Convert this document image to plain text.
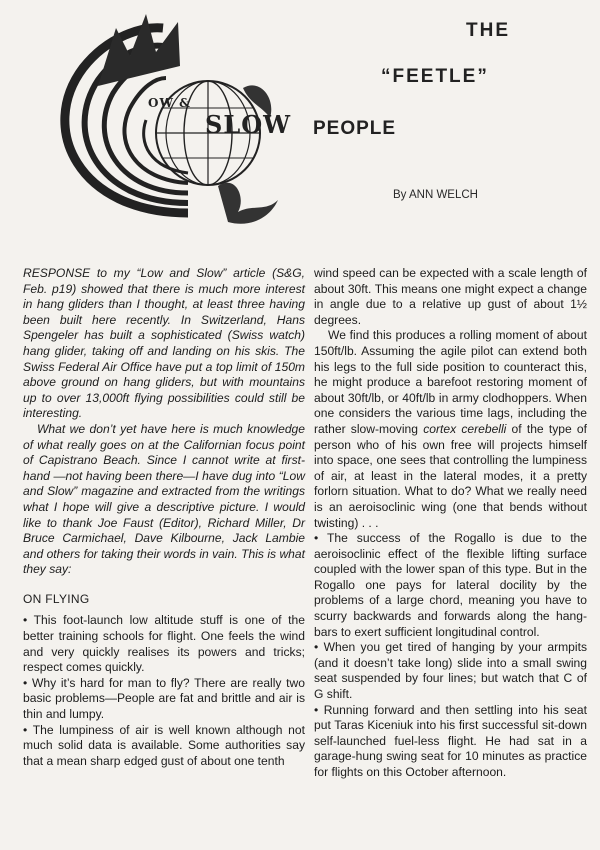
OW &
SLOW
THE
“FEETLE”
PEOPLE
By ANN WELCH

RESPONSE to my “Low and Slow” article (S&G, Feb. p19) showed that there is much more interest in hang gliders than I thought, at least three having been built here recently. In Switzerland, Hans Spengeler has built a sophisticated (Swiss watch) hang glider, taking off and landing on his skis. The Swiss Federal Air Office have put a top limit of 150m above ground on hang gliders, but with mountains up to over 13,000ft flying possibilities could still be interesting.

What we don’t yet have here is much knowledge of what really goes on at the Californian focus point of Capistrano Beach. Since I cannot write at first-hand —not having been there—I have dug into “Low and Slow” magazine and extracted from the writings what I hope will give a descriptive picture. I would like to thank Joe Faust (Editor), Richard Miller, Dr Bruce Carmichael, Dave Kilbourne, Jack Lambie and others for taking their words in vain. This is what they say:

ON FLYING

• This foot-launch low altitude stuff is one of the better training schools for flight. One feels the wind and very quickly realises its powers and tricks; respect comes quickly.

• Why it’s hard for man to fly? There are really two basic problems—People are fat and brittle and air is thin and lumpy.

• The lumpiness of air is well known although not much solid data is available. Some authorities say that a mean sharp edged gust of about one tenth

wind speed can be expected with a scale length of about 30ft. This means one might expect a change in angle due to a relative up gust of about 1½ degrees.

We find this produces a rolling moment of about 150ft/lb. Assuming the agile pilot can extend both his legs to the full side position to counteract this, he might produce a barefoot restoring moment of about 30ft/lb, or 40ft/lb in army clodhoppers. When one considers the various time lags, including the rather slow-moving cortex cerebelli of the type of person who of his own free will projects himself into space, one sees that controlling the lumpiness of air, at least in the lateral modes, it a pretty forlorn situation. What to do? What we really need is an aeroisoclinic wing (one that bends without twisting) . . .

• The success of the Rogallo is due to the aeroisoclinic effect of the flexible lifting surface coupled with the lower span of this type. But in the Rogallo one pays for lateral docility by the problems of a large chord, meaning you have to scurry backwards and forwards along the hang-bars to exert sufficient longitudinal control.

• When you get tired of hanging by your armpits (and it doesn’t take long) slide into a small swing seat suspended by four lines; but watch that C of G shift.

• Running forward and then settling into his seat put Taras Kiceniuk into his first successful sit-down self-launched fuel-less flight. He had sat in a garage-hung swing seat for 10 minutes as practice for flights on this October afternoon.
